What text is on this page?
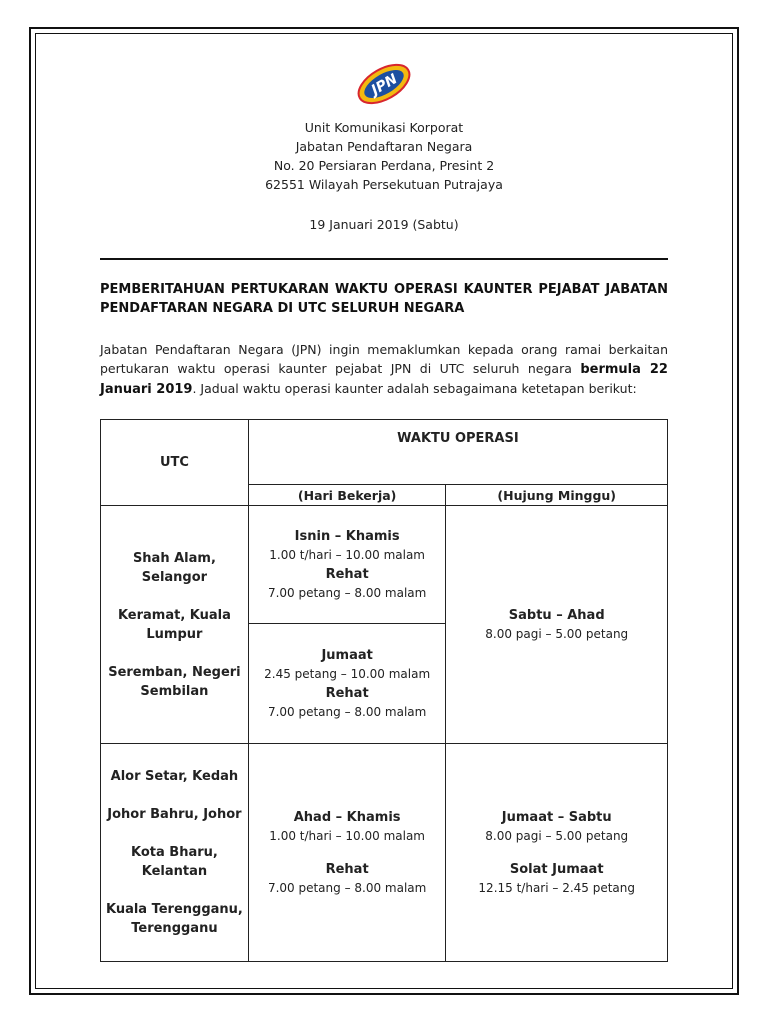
JPN
Unit Komunikasi Korporat
Jabatan Pendaftaran Negara
No. 20 Persiaran Perdana, Presint 2
62551 Wilayah Persekutuan Putrajaya
19 Januari 2019 (Sabtu)
PEMBERITAHUAN PERTUKARAN WAKTU OPERASI KAUNTER PEJABAT JABATAN PENDAFTARAN NEGARA DI UTC SELURUH NEGARA
Jabatan Pendaftaran Negara (JPN) ingin memaklumkan kepada orang ramai berkaitan pertukaran waktu operasi kaunter pejabat JPN di UTC seluruh negara bermula 22 Januari 2019. Jadual waktu operasi kaunter adalah sebagaimana ketetapan berikut:
UTC	WAKTU OPERASI	
	(Hari Bekerja)	(Hujung Minggu)

Shah Alam, Selangor
Keramat, Kuala Lumpur
Seremban, Negeri Sembilan	Isnin – Khamis
1.00 t/hari – 10.00 malam
Rehat
7.00 petang – 8.00 malam	Sabtu – Ahad
8.00 pagi – 5.00 petang

	Jumaat
2.45 petang – 10.00 malam
Rehat
7.00 petang – 8.00 malam	

Alor Setar, Kedah
Johor Bahru, Johor
Kota Bharu, Kelantan
Kuala Terengganu, Terengganu	Ahad – Khamis
1.00 t/hari – 10.00 malam
Rehat
7.00 petang – 8.00 malam	Jumaat – Sabtu
8.00 pagi – 5.00 petang
Solat Jumaat
12.15 t/hari – 2.45 petang
